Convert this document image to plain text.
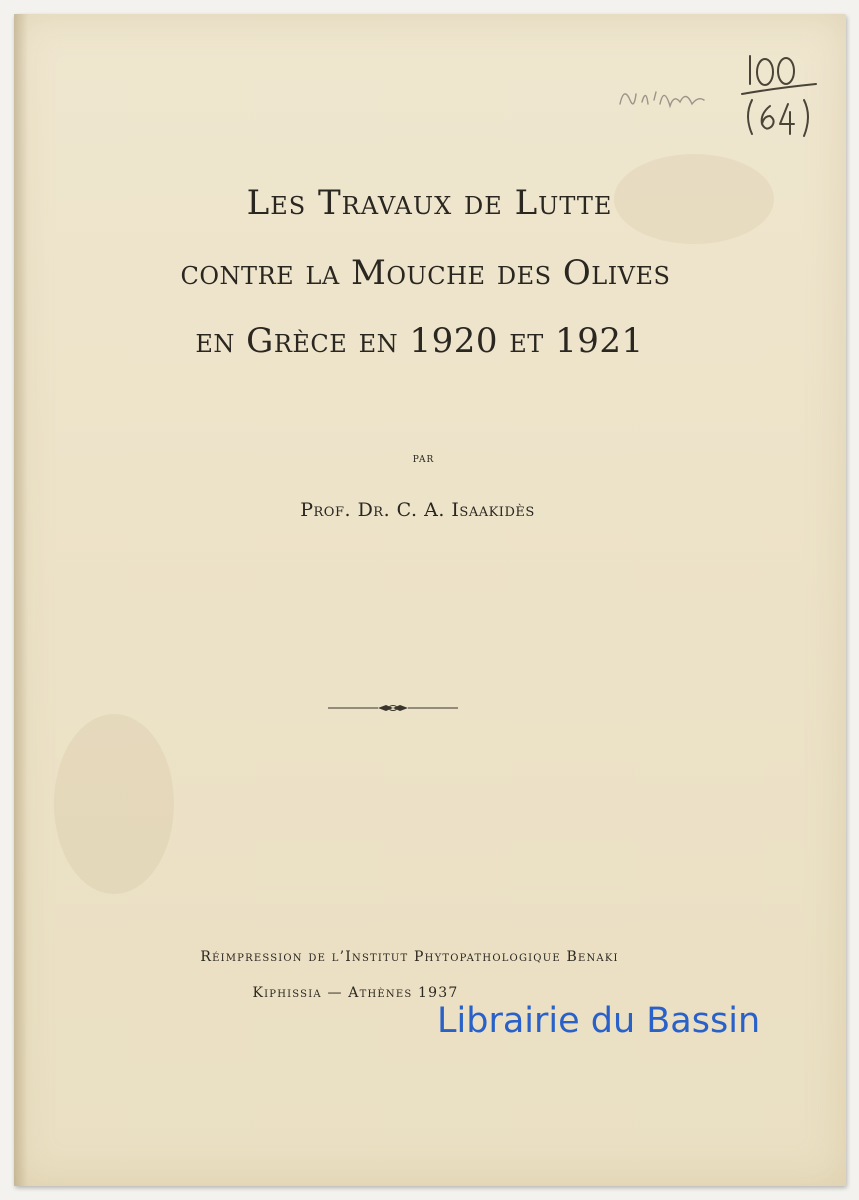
Les Travaux de Lutte
contre la Mouche des Olives
en Grèce en 1920 et 1921
par
Prof. Dr. C. A. Isaakidès
Réimpression de l’Institut Phytopathologique Benaki
Kiphissia — Athènes 1937
Librairie du Bassin
